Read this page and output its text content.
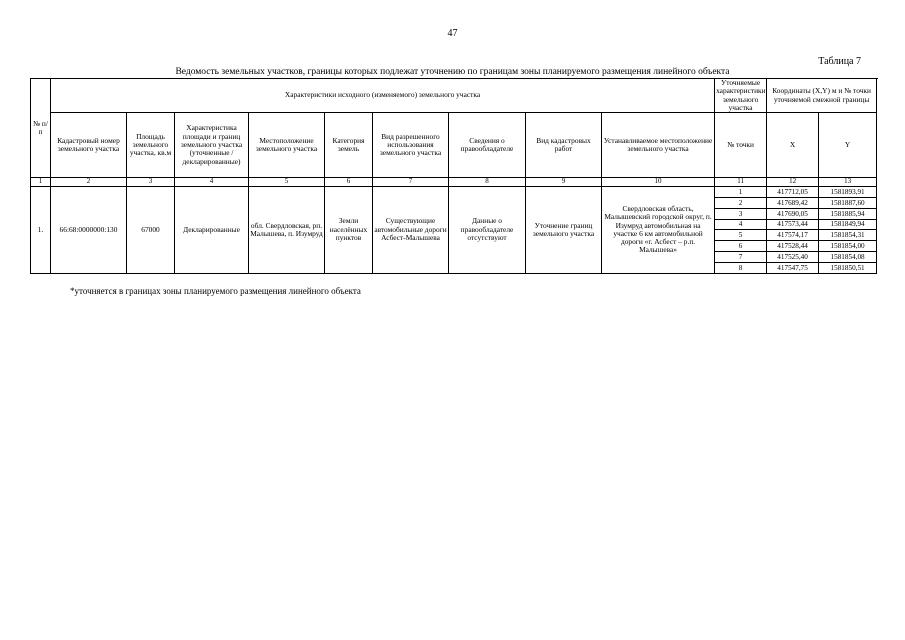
47
Таблица 7
Ведомость земельных участков, границы которых подлежат уточнению по границам зоны планируемого размещения линейного объекта
№ п/п	Характеристики исходного (изменяемого) земельного участка									Уточняемые характеристики земельного участка	Координаты (X,Y) м и № точки уточняемой смежной границы	
	Кадастровый номер земельного участка	Площадь земельного участка, кв.м	Характеристика площади и границ земельного участка (уточненные / декларированные)	Местоположение земельного участка	Категория земель	Вид разрешенного использования земельного участка	Сведения о правообладателе	Вид кадастровых работ	Устанавливаемое местоположение земельного участка	№ точки	X	Y
1	2	3	4	5	6	7	8	9	10	11	12	13
1.	66:68:0000000:130	67000	Декларированные	обл. Свердловская, рп. Малышева, п. Изумруд	Земли населённых пунктов	Существующие автомобильные дороги Асбест-Малышева	Данные о правообладателе отсутствуют	Уточнение границ земельного участка	Свердловская область, Малышевский городской округ, п. Изумруд автомобильная на участке 6 км автомобильной дороги «г. Асбест – р.п. Малышева»	1	417712,05	1581893,91
										2	417689,42	1581887,60
										3	417690,05	1581885,94
										4	417573,44	1581849,94
										5	417574,17	1581854,31
										6	417528,44	1581854,00
										7	417525,40	1581854,08
										8	417547,75	1581850,51
*уточняется в границах зоны планируемого размещения линейного объекта
